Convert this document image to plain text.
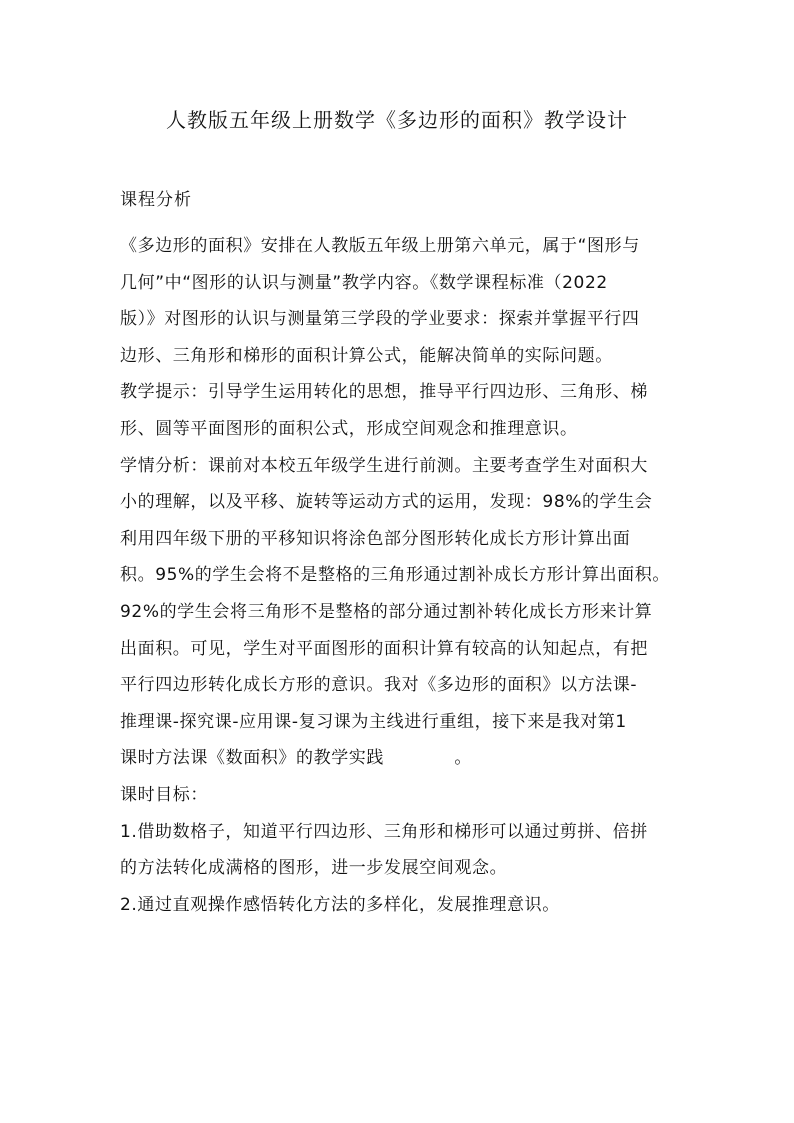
人教版五年级上册数学《多边形的面积》教学设计
课程分析
《多边形的面积》安排在人教版五年级上册第六单元，属于“图形与
几何”中“图形的认识与测量”教学内容。《数学课程标准（2022
版）》对图形的认识与测量第三学段的学业要求：探索并掌握平行四
边形、三角形和梯形的面积计算公式，能解决简单的实际问题。
教学提示：引导学生运用转化的思想，推导平行四边形、三角形、梯
形、圆等平面图形的面积公式，形成空间观念和推理意识。
学情分析：课前对本校五年级学生进行前测。主要考查学生对面积大
小的理解，以及平移、旋转等运动方式的运用，发现：98%的学生会
利用四年级下册的平移知识将涂色部分图形转化成长方形计算出面
积。95%的学生会将不是整格的三角形通过割补成长方形计算出面积。
92%的学生会将三角形不是整格的部分通过割补转化成长方形来计算
出面积。可见，学生对平面图形的面积计算有较高的认知起点，有把
平行四边形转化成长方形的意识。我对《多边形的面积》以方法课-
推理课-探究课-应用课-复习课为主线进行重组，接下来是我对第1
课时方法课《数面积》的教学实践　　　　。
课时目标：
1.借助数格子，知道平行四边形、三角形和梯形可以通过剪拼、倍拼
的方法转化成满格的图形，进一步发展空间观念。
2.通过直观操作感悟转化方法的多样化，发展推理意识。
